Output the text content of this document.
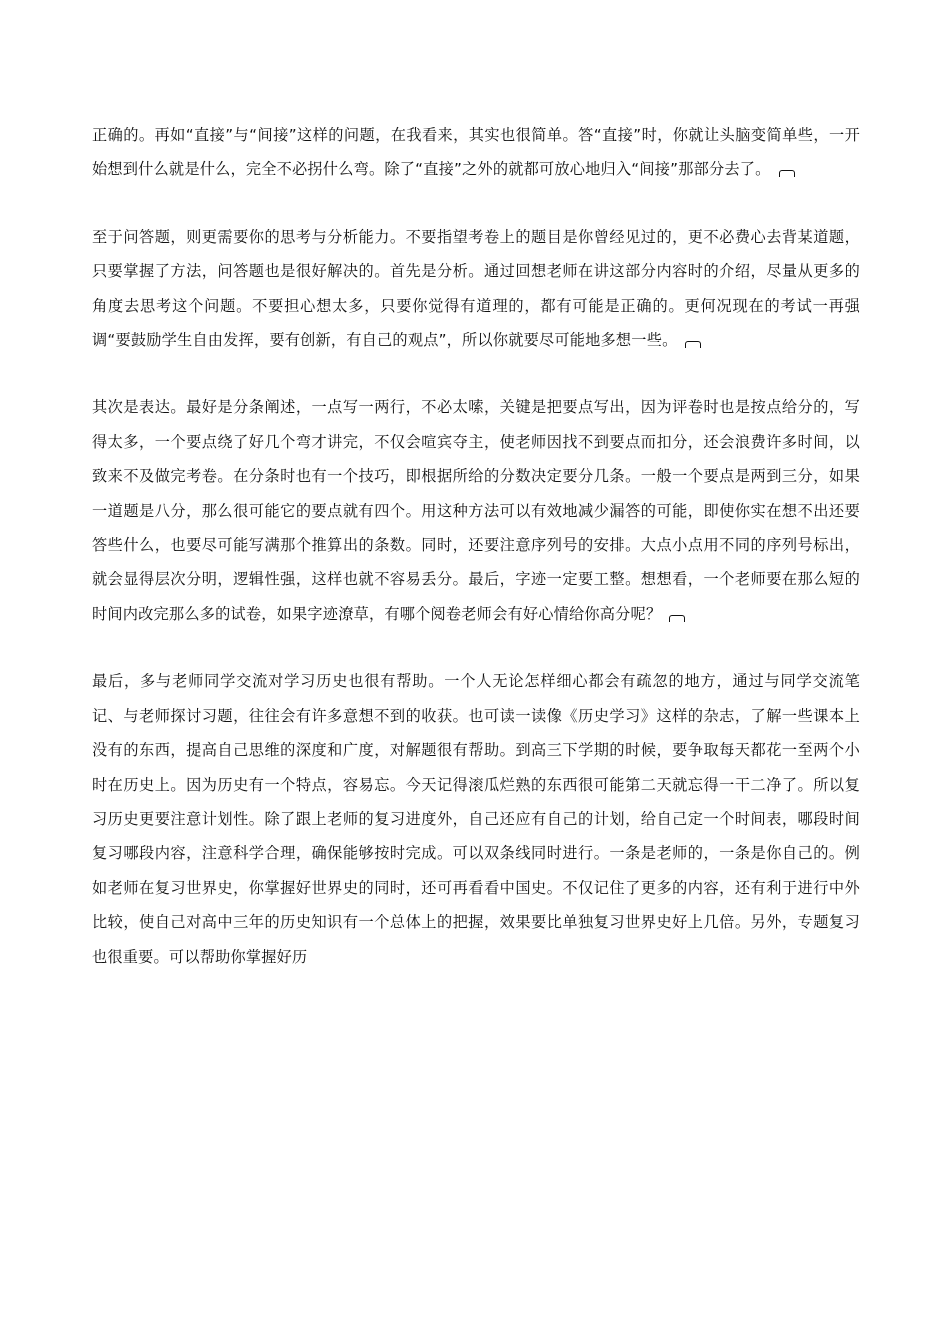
正确的。再如“直接”与“间接”这样的问题，在我看来，其实也很简单。答“直接”时，你就让头脑变简单些，一开始想到什么就是什么，完全不必拐什么弯。除了“直接”之外的就都可放心地归入“间接”那部分去了。

至于问答题，则更需要你的思考与分析能力。不要指望考卷上的题目是你曾经见过的，更不必费心去背某道题，只要掌握了方法，问答题也是很好解决的。首先是分析。通过回想老师在讲这部分内容时的介绍，尽量从更多的角度去思考这个问题。不要担心想太多，只要你觉得有道理的，都有可能是正确的。更何况现在的考试一再强调“要鼓励学生自由发挥，要有创新，有自己的观点”，所以你就要尽可能地多想一些。

其次是表达。最好是分条阐述，一点写一两行，不必太嗦，关键是把要点写出，因为评卷时也是按点给分的，写得太多，一个要点绕了好几个弯才讲完，不仅会喧宾夺主，使老师因找不到要点而扣分，还会浪费许多时间，以致来不及做完考卷。在分条时也有一个技巧，即根据所给的分数决定要分几条。一般一个要点是两到三分，如果一道题是八分，那么很可能它的要点就有四个。用这种方法可以有效地减少漏答的可能，即使你实在想不出还要答些什么，也要尽可能写满那个推算出的条数。同时，还要注意序列号的安排。大点小点用不同的序列号标出，就会显得层次分明，逻辑性强，这样也就不容易丢分。最后，字迹一定要工整。想想看，一个老师要在那么短的时间内改完那么多的试卷，如果字迹潦草，有哪个阅卷老师会有好心情给你高分呢？

最后，多与老师同学交流对学习历史也很有帮助。一个人无论怎样细心都会有疏忽的地方，通过与同学交流笔记、与老师探讨习题，往往会有许多意想不到的收获。也可读一读像《历史学习》这样的杂志，了解一些课本上没有的东西，提高自己思维的深度和广度，对解题很有帮助。到高三下学期的时候，要争取每天都花一至两个小时在历史上。因为历史有一个特点，容易忘。今天记得滚瓜烂熟的东西很可能第二天就忘得一干二净了。所以复习历史更要注意计划性。除了跟上老师的复习进度外，自己还应有自己的计划，给自己定一个时间表，哪段时间复习哪段内容，注意科学合理，确保能够按时完成。可以双条线同时进行。一条是老师的，一条是你自己的。例如老师在复习世界史，你掌握好世界史的同时，还可再看看中国史。不仅记住了更多的内容，还有利于进行中外比较，使自己对高中三年的历史知识有一个总体上的把握，效果要比单独复习世界史好上几倍。另外，专题复习也很重要。可以帮助你掌握好历
